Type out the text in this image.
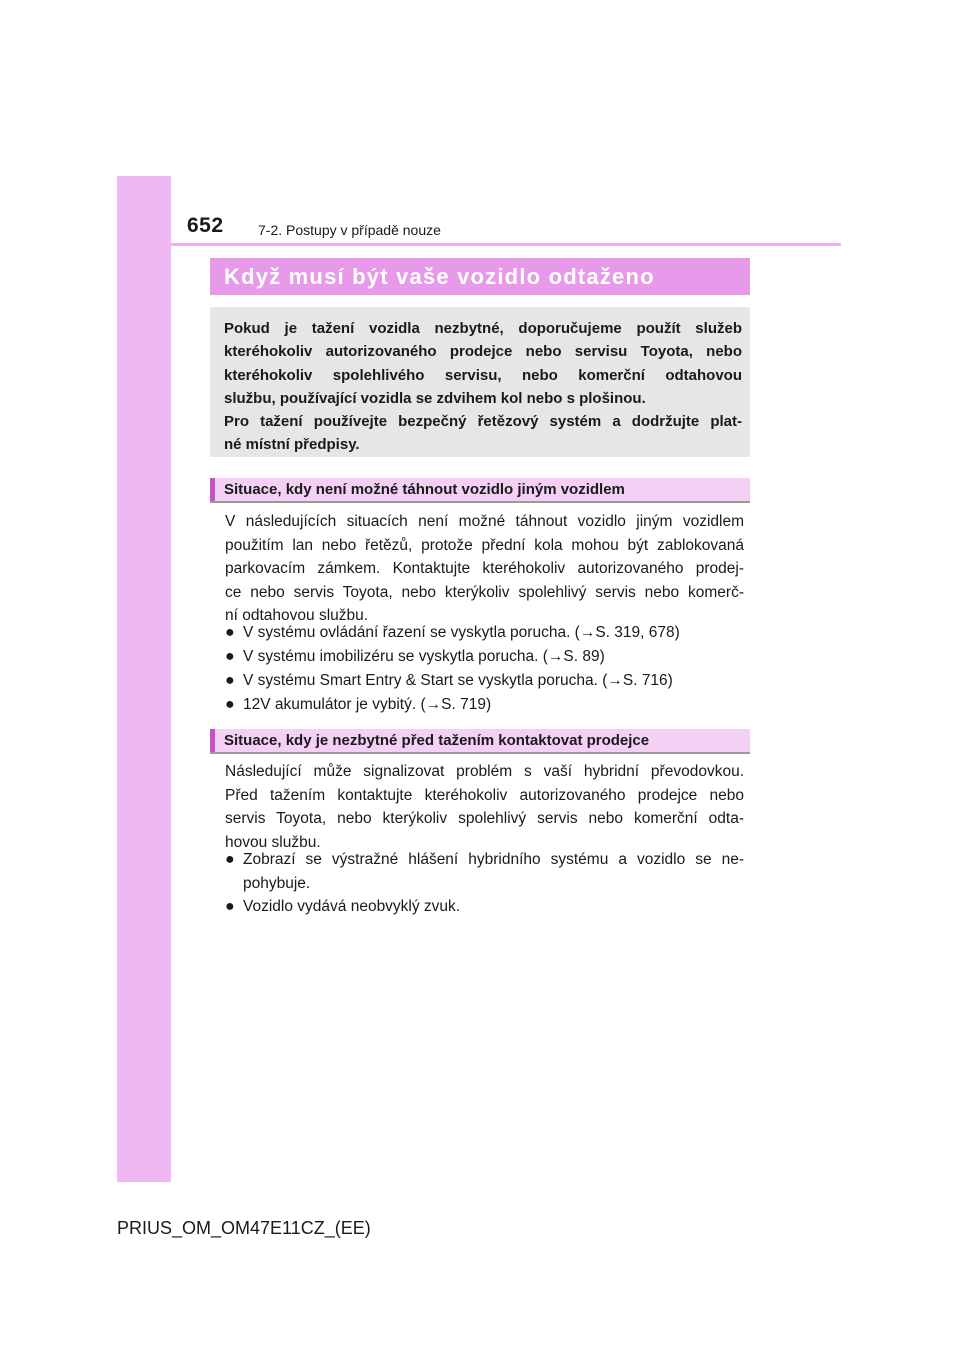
652 7-2. Postupy v případě nouze
Když musí být vaše vozidlo odtaženo

Pokud je tažení vozidla nezbytné, doporučujeme použít služeb

kteréhokoliv autorizovaného prodejce nebo servisu Toyota, nebo

kteréhokoliv spolehlivého servisu, nebo komerční odtahovou

službu, používající vozidla se zdvihem kol nebo s plošinou.

Pro tažení používejte bezpečný řetězový systém a dodržujte plat-

né místní předpisy.

Situace, kdy není možné táhnout vozidlo jiným vozidlem

V následujících situacích není možné táhnout vozidlo jiným vozidlem

použitím lan nebo řetězů, protože přední kola mohou být zablokovaná

parkovacím zámkem. Kontaktujte kteréhokoliv autorizovaného prodej-

ce nebo servis Toyota, nebo kterýkoliv spolehlivý servis nebo komerč-

ní odtahovou službu.

● V systému ovládání řazení se vyskytla porucha. (→S. 319, 678)

● V systému imobilizéru se vyskytla porucha. (→S. 89)

● V systému Smart Entry & Start se vyskytla porucha. (→S. 716)

● 12V akumulátor je vybitý. (→S. 719)

Situace, kdy je nezbytné před tažením kontaktovat prodejce

Následující může signalizovat problém s vaší hybridní převodovkou.

Před tažením kontaktujte kteréhokoliv autorizovaného prodejce nebo

servis Toyota, nebo kterýkoliv spolehlivý servis nebo komerční odta-

hovou službu.

● Zobrazí se výstražné hlášení hybridního systému a vozidlo se ne-

pohybuje.

● Vozidlo vydává neobvyklý zvuk.

PRIUS_OM_OM47E11CZ_(EE)
